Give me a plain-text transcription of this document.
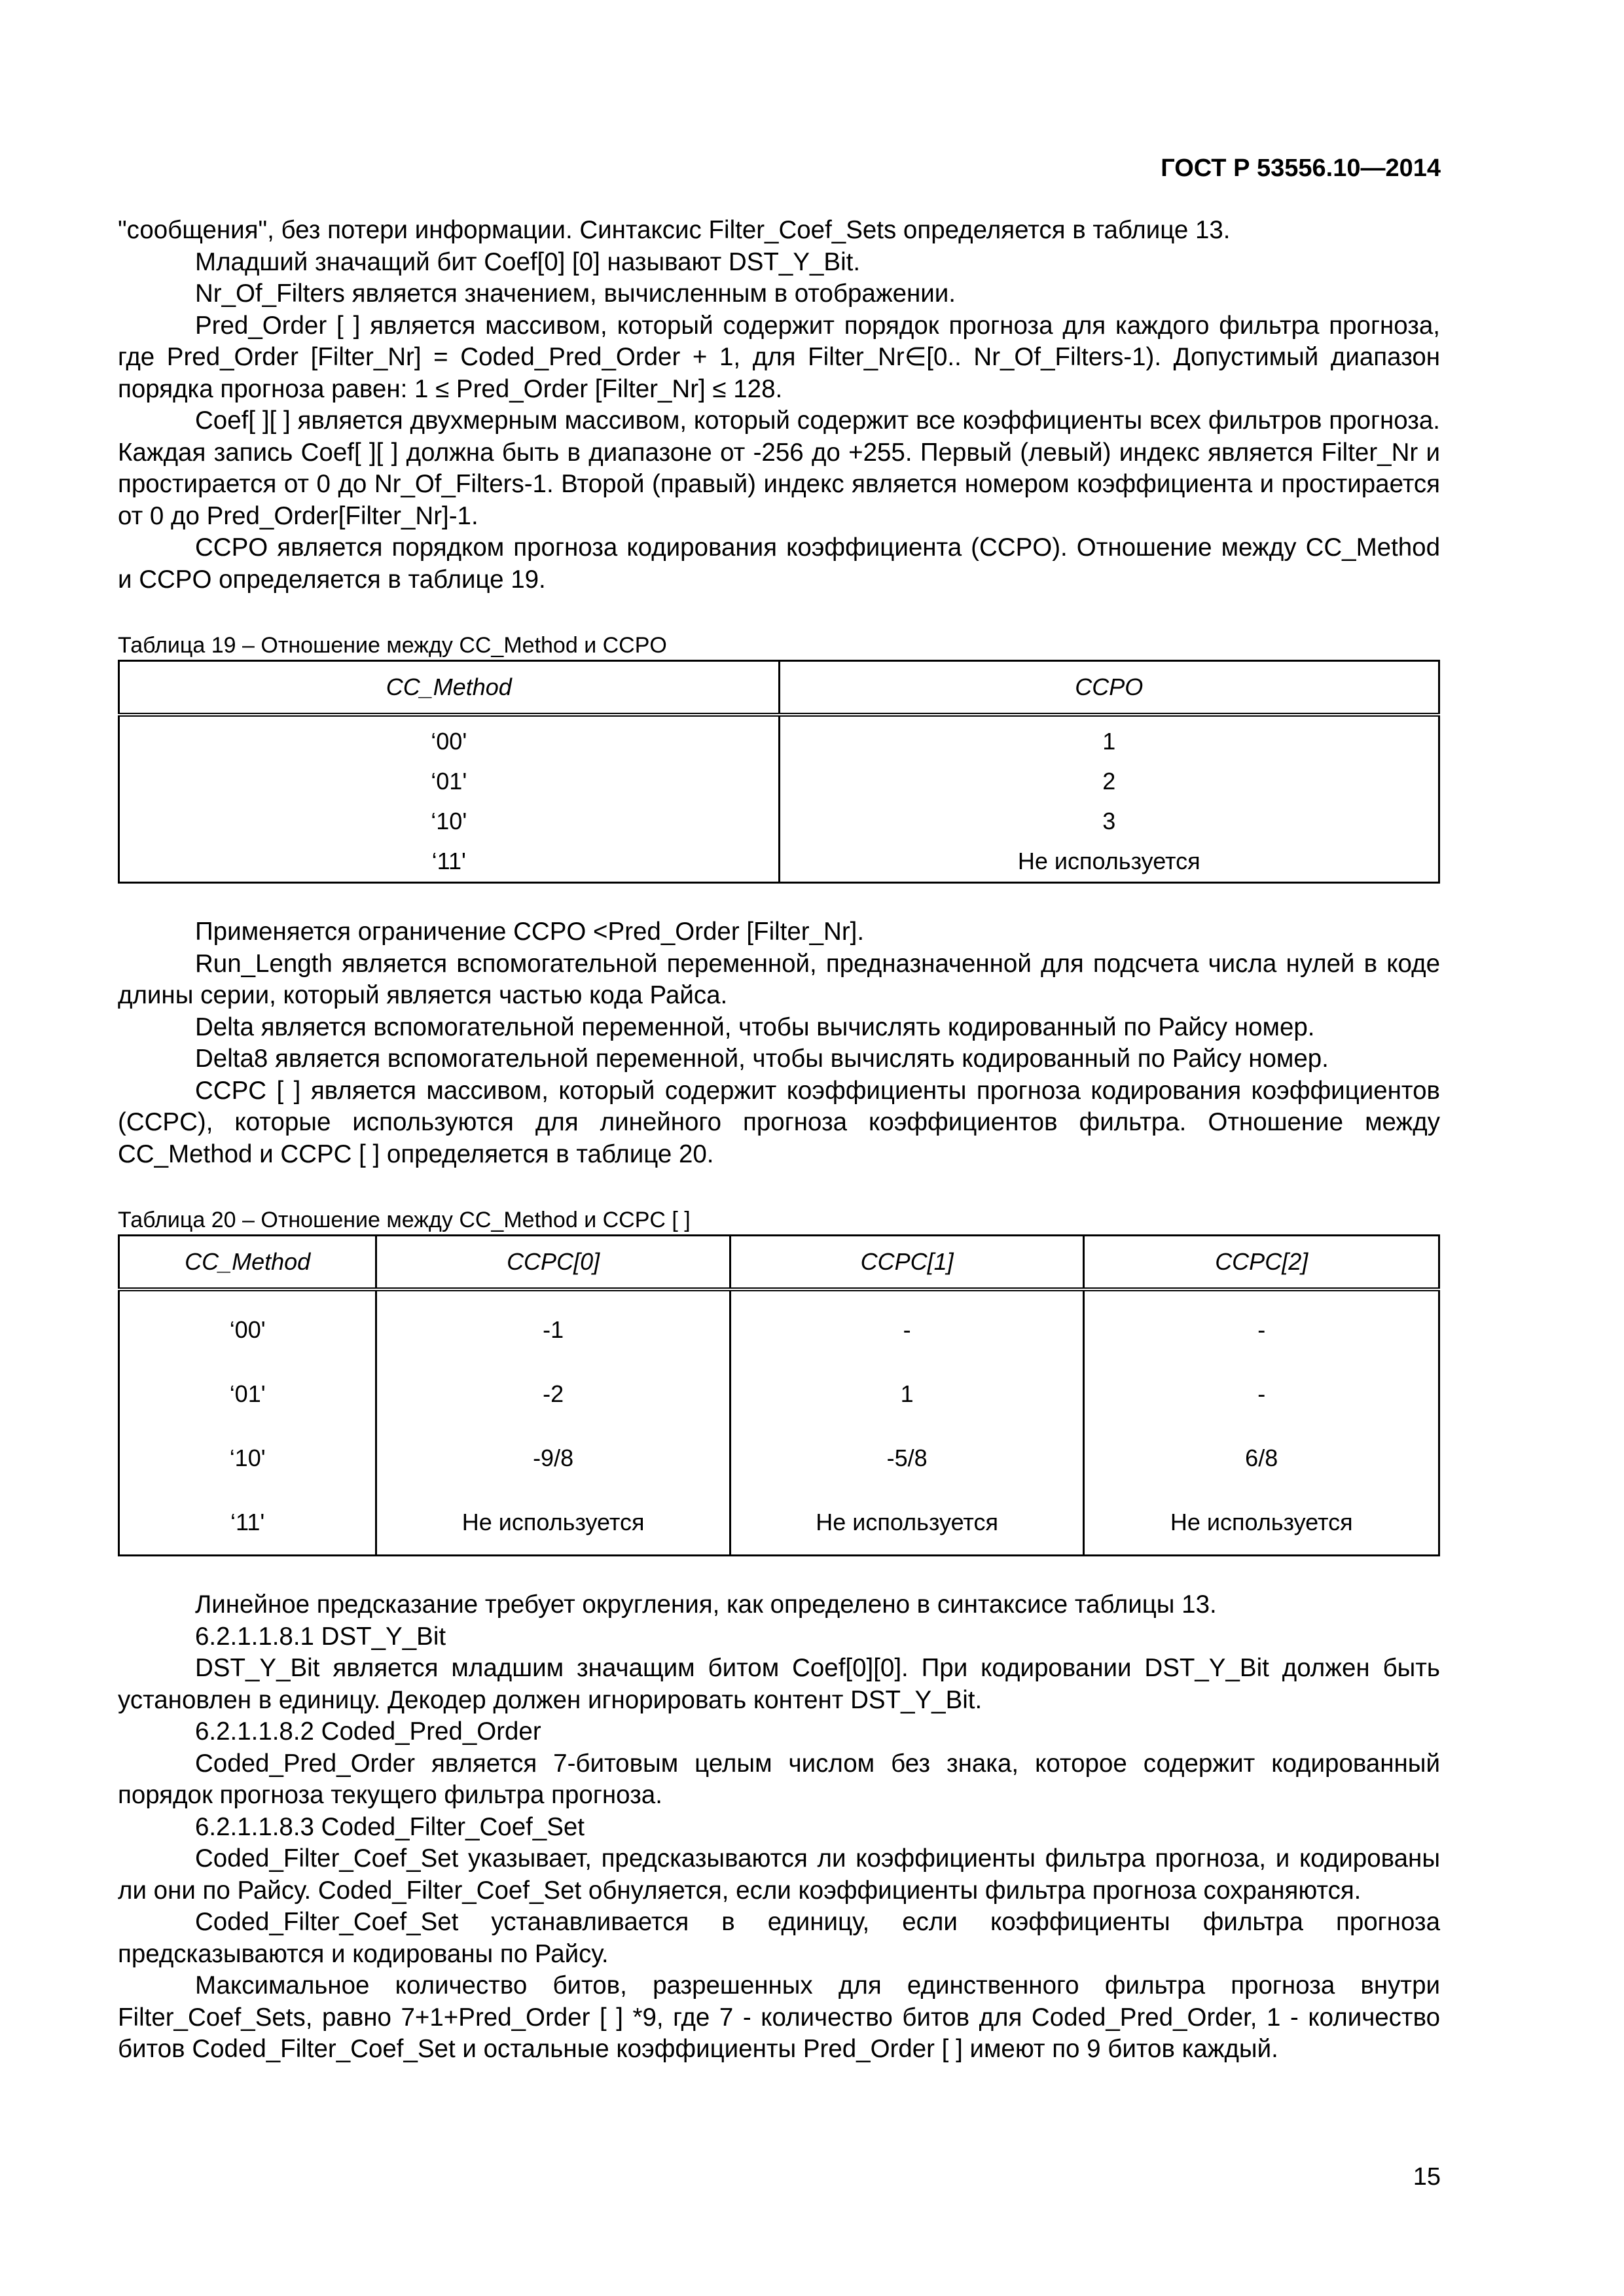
ГОСТ Р 53556.10—2014

"сообщения", без потери информации. Синтаксис Filter_Coef_Sets определяется в таблице 13.

Младший значащий бит Coef[0] [0] называют DST_Y_Bit.

Nr_Of_Filters является значением, вычисленным в отображении.

Pred_Order [ ] является массивом, который содержит порядок прогноза для каждого фильтра прогноза, где Pred_Order [Filter_Nr] = Coded_Pred_Order + 1, для Filter_Nr∈[0.. Nr_Of_Filters-1). Допустимый диапазон порядка прогноза равен: 1 ≤ Pred_Order [Filter_Nr] ≤ 128.

Coef[ ][ ] является двухмерным массивом, который содержит все коэффициенты всех фильтров прогноза. Каждая запись Coef[ ][ ] должна быть в диапазоне от -256 до +255. Первый (левый) индекс является Filter_Nr и простирается от 0 до Nr_Of_Filters-1. Второй (правый) индекс является номером коэффициента и простирается от 0 до Pred_Order[Filter_Nr]-1.

CCPO является порядком прогноза кодирования коэффициента (CCPO). Отношение между CC_Method и CCPO определяется в таблице 19.

Таблица 19 – Отношение между CC_Method и CCPO

CC_Method	CCPO
‘00'	1
‘01'	2
‘10'	3
‘11'	Не используется

Применяется ограничение CCPO <Pred_Order [Filter_Nr].

Run_Length является вспомогательной переменной, предназначенной для подсчета числа нулей в коде длины серии, который является частью кода Райса.

Delta является вспомогательной переменной, чтобы вычислять кодированный по Райсу номер.

Delta8 является вспомогательной переменной, чтобы вычислять кодированный по Райсу номер.

CCPC [ ] является массивом, который содержит коэффициенты прогноза кодирования коэффициентов (CCPC), которые используются для линейного прогноза коэффициентов фильтра. Отношение между CC_Method и CCPC [ ] определяется в таблице 20.

Таблица 20 – Отношение между CC_Method и CCPC [ ]

CC_Method	CCPC[0]	CCPC[1]	CCPC[2]
‘00'	-1	-	-
‘01'	-2	1	-
‘10'	-9/8	-5/8	6/8
‘11'	Не используется	Не используется	Не используется

Линейное предсказание требует округления, как определено в синтаксисе таблицы 13.

6.2.1.1.8.1 DST_Y_Bit

DST_Y_Bit является младшим значащим битом Coef[0][0]. При кодировании DST_Y_Bit должен быть установлен в единицу. Декодер должен игнорировать контент DST_Y_Bit.

6.2.1.1.8.2 Coded_Pred_Order

Coded_Pred_Order является 7-битовым целым числом без знака, которое содержит кодированный порядок прогноза текущего фильтра прогноза.

6.2.1.1.8.3 Coded_Filter_Coef_Set

Coded_Filter_Coef_Set указывает, предсказываются ли коэффициенты фильтра прогноза, и кодированы ли они по Райсу. Coded_Filter_Coef_Set обнуляется, если коэффициенты фильтра прогноза сохраняются.

Coded_Filter_Coef_Set устанавливается в единицу, если коэффициенты фильтра прогноза предсказываются и кодированы по Райсу.

Максимальное количество битов, разрешенных для единственного фильтра прогноза внутри Filter_Coef_Sets, равно 7+1+Pred_Order [ ] *9, где 7 - количество битов для Coded_Pred_Order, 1 - количество битов Coded_Filter_Coef_Set и остальные коэффициенты Pred_Order [ ] имеют по 9 битов каждый.

15
